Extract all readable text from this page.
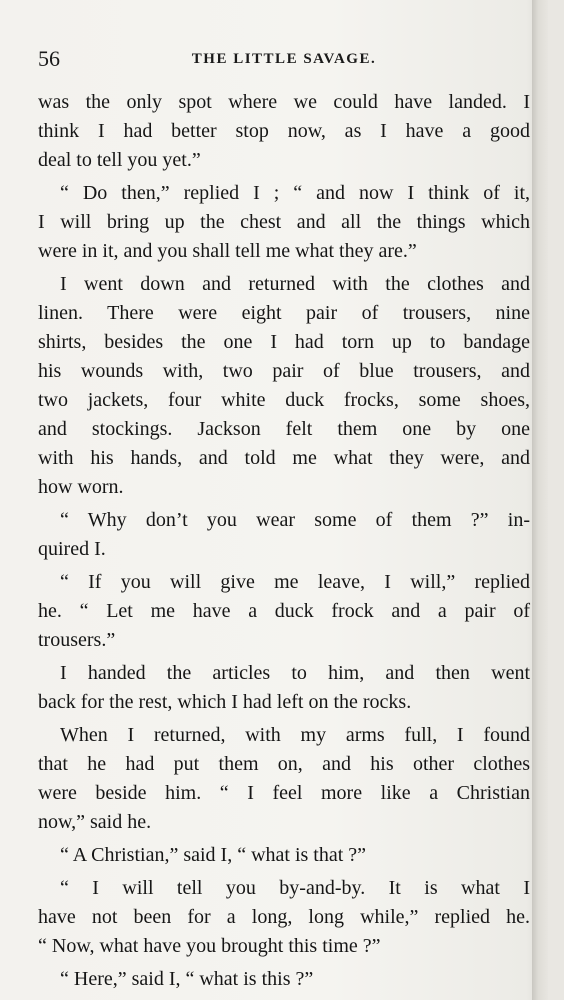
56	THE LITTLE SAVAGE.
was the only spot where we could have landed. I
think I had better stop now, as I have a good
deal to tell you yet.”
“ Do then,” replied I ; “ and now I think of it,
I will bring up the chest and all the things which
were in it, and you shall tell me what they are.”
I went down and returned with the clothes and
linen. There were eight pair of trousers, nine
shirts, besides the one I had torn up to bandage
his wounds with, two pair of blue trousers, and
two jackets, four white duck frocks, some shoes,
and stockings. Jackson felt them one by one
with his hands, and told me what they were, and
how worn.
“ Why don’t you wear some of them ?” in-
quired I.
“ If you will give me leave, I will,” replied
he. “ Let me have a duck frock and a pair of
trousers.”
I handed the articles to him, and then went
back for the rest, which I had left on the rocks.
When I returned, with my arms full, I found
that he had put them on, and his other clothes
were beside him. “ I feel more like a Christian
now,” said he.
“ A Christian,” said I, “ what is that ?”
“ I will tell you by-and-by. It is what I
have not been for a long, long while,” replied he.
“ Now, what have you brought this time ?”
“ Here,” said I, “ what is this ?”
